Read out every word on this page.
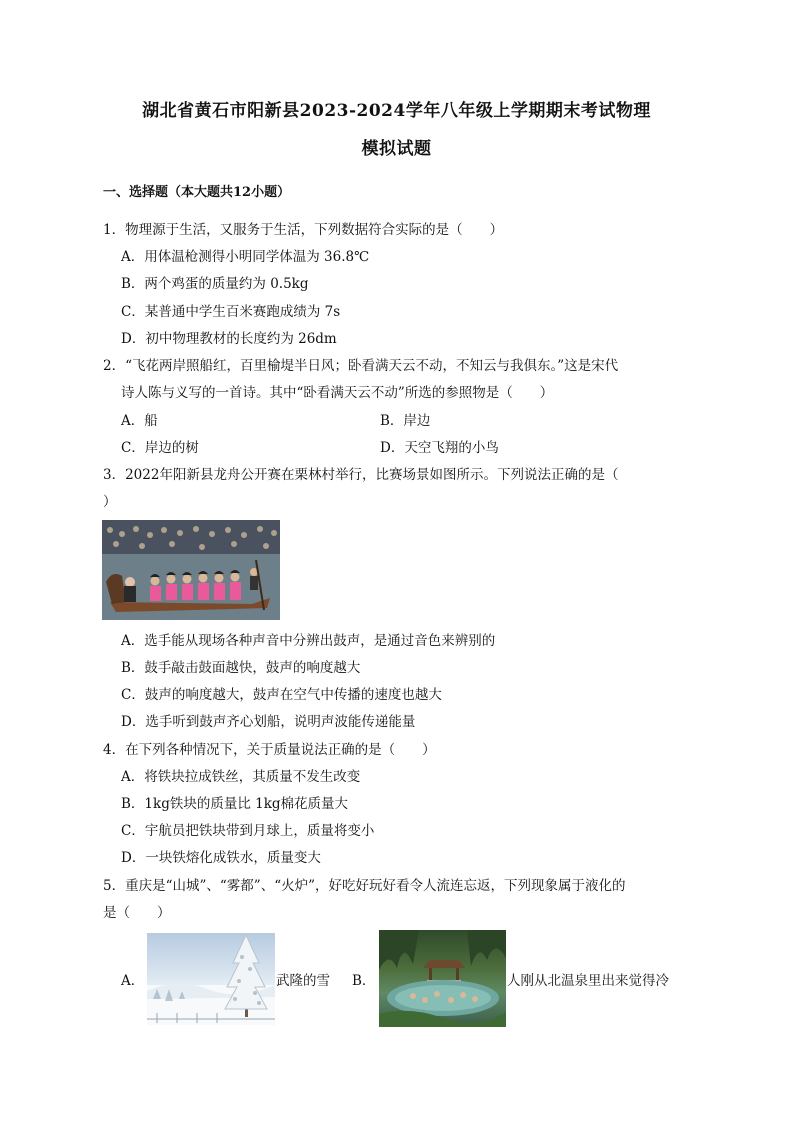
湖北省黄石市阳新县2023-2024学年八年级上学期期末考试物理
模拟试题
一、选择题（本大题共12小题）
1．物理源于生活，又服务于生活，下列数据符合实际的是（　　）
A．用体温枪测得小明同学体温为 36.8℃
B．两个鸡蛋的质量约为 0.5kg
C．某普通中学生百米赛跑成绩为 7s
D．初中物理教材的长度约为 26dm
2．“飞花两岸照船红，百里榆堤半日风；卧看满天云不动，不知云与我俱东。”这是宋代
诗人陈与义写的一首诗。其中“卧看满天云不动”所选的参照物是（　　）
A．船	B．岸边
C．岸边的树	D．天空飞翔的小鸟
3．2022年阳新县龙舟公开赛在栗林村举行，比赛场景如图所示。下列说法正确的是（
）
A．选手能从现场各种声音中分辨出鼓声，是通过音色来辨别的
B．鼓手敲击鼓面越快，鼓声的响度越大
C．鼓声的响度越大，鼓声在空气中传播的速度也越大
D．选手听到鼓声齐心划船，说明声波能传递能量
4．在下列各种情况下，关于质量说法正确的是（　　）
A．将铁块拉成铁丝，其质量不发生改变
B．1kg铁块的质量比 1kg棉花质量大
C．宇航员把铁块带到月球上，质量将变小
D．一块铁熔化成铁水，质量变大
5．重庆是“山城”、“雾都”、“火炉”，好吃好玩好看令人流连忘返，下列现象属于液化的
是（　　）
A．	武隆的雪 B．	人刚从北温泉里出来觉得冷
